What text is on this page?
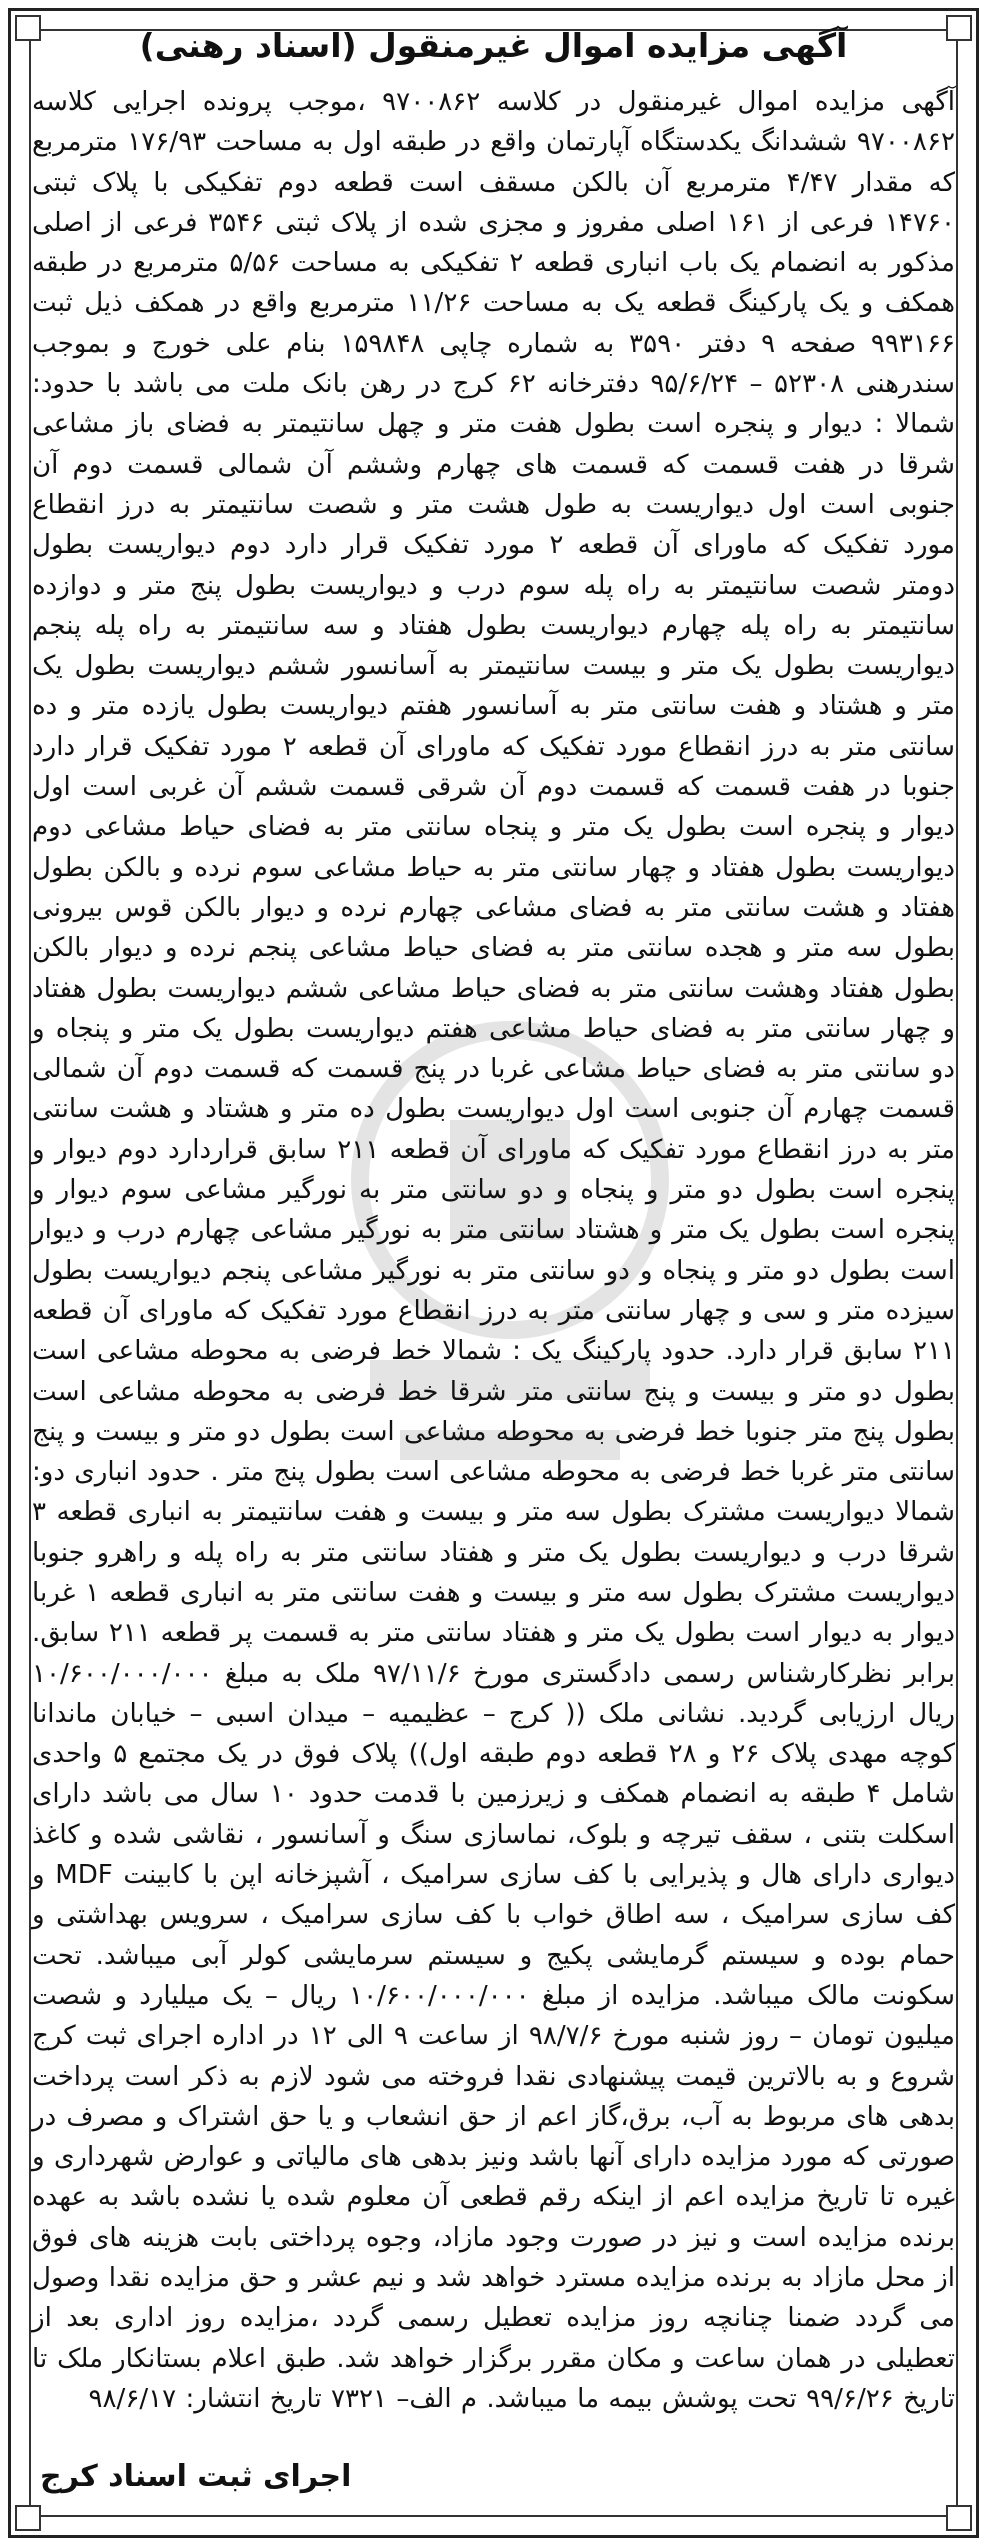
آگهی مزایده اموال غیرمنقول (اسناد رهنی)
آگهی مزایده اموال غیرمنقول در کلاسه ۹۷۰۰۸۶۲ ،موجب پرونده اجرایی کلاسه ۹۷۰۰۸۶۲ ششدانگ یکدستگاه آپارتمان واقع در طبقه اول به مساحت ۱۷۶/۹۳ مترمربع که مقدار ۴/۴۷ مترمربع آن بالکن مسقف است قطعه دوم تفکیکی با پلاک ثبتی ۱۴۷۶۰ فرعی از ۱۶۱ اصلی مفروز و مجزی شده از پلاک ثبتی ۳۵۴۶ فرعی از اصلی مذکور به انضمام یک باب انباری قطعه ۲ تفکیکی به مساحت ۵/۵۶ مترمربع در طبقه همکف و یک پارکینگ قطعه یک به مساحت ۱۱/۲۶ مترمربع واقع در همکف ذیل ثبت ۹۹۳۱۶۶ صفحه ۹ دفتر ۳۵۹۰ به شماره چاپی ۱۵۹۸۴۸ بنام علی خورج و بموجب سندرهنی ۵۲۳۰۸ – ۹۵/۶/۲۴ دفترخانه ۶۲ کرج در رهن بانک ملت می باشد با حدود: شمالا : دیوار و پنجره است بطول هفت متر و چهل سانتیمتر به فضای باز مشاعی شرقا در هفت قسمت که قسمت های چهارم وششم آن شمالی قسمت دوم آن جنوبی است اول دیواریست به طول هشت متر و شصت سانتیمتر به درز انقطاع مورد تفکیک که ماورای آن قطعه ۲ مورد تفکیک قرار دارد دوم دیواریست بطول دومتر شصت سانتیمتر به راه پله سوم درب و دیواریست بطول پنج متر و دوازده سانتیمتر به راه پله چهارم دیواریست بطول هفتاد و سه سانتیمتر به راه پله پنجم دیواریست بطول یک متر و بیست سانتیمتر به آسانسور ششم دیواریست بطول یک متر و هشتاد و هفت سانتی متر به آسانسور هفتم دیواریست بطول یازده متر و ده سانتی متر به درز انقطاع مورد تفکیک که ماورای آن قطعه ۲ مورد تفکیک قرار دارد جنوبا در هفت قسمت که قسمت دوم آن شرقی قسمت ششم آن غربی است اول دیوار و پنجره است بطول یک متر و پنجاه سانتی متر به فضای حیاط مشاعی دوم دیواریست بطول هفتاد و چهار سانتی متر به حیاط مشاعی سوم نرده و بالکن بطول هفتاد و هشت سانتی متر به فضای مشاعی چهارم نرده و دیوار بالکن قوس بیرونی بطول سه متر و هجده سانتی متر به فضای حیاط مشاعی پنجم نرده و دیوار بالکن بطول هفتاد وهشت سانتی متر به فضای حیاط مشاعی ششم دیواریست بطول هفتاد و چهار سانتی متر به فضای حیاط مشاعی هفتم دیواریست بطول یک متر و پنجاه و دو سانتی متر به فضای حیاط مشاعی غربا در پنج قسمت که قسمت دوم آن شمالی قسمت چهارم آن جنوبی است اول دیواریست بطول ده متر و هشتاد و هشت سانتی متر به درز انقطاع مورد تفکیک که ماورای آن قطعه ۲۱۱ سابق قراردارد دوم دیوار و پنجره است بطول دو متر و پنجاه و دو سانتی متر به نورگیر مشاعی سوم دیوار و پنجره است بطول یک متر و هشتاد سانتی متر به نورگیر مشاعی چهارم درب و دیوار است بطول دو متر و پنجاه و دو سانتی متر به نورگیر مشاعی پنجم دیواریست بطول سیزده متر و سی و چهار سانتی متر به درز انقطاع مورد تفکیک که ماورای آن قطعه ۲۱۱ سابق قرار دارد. حدود پارکینگ یک : شمالا خط فرضی به محوطه مشاعی است بطول دو متر و بیست و پنج سانتی متر شرقا خط فرضی به محوطه مشاعی است بطول پنج متر جنوبا خط فرضی به محوطه مشاعی است بطول دو متر و بیست و پنج سانتی متر غربا خط فرضی به محوطه مشاعی است بطول پنج متر . حدود انباری دو: شمالا دیواریست مشترک بطول سه متر و بیست و هفت سانتیمتر به انباری قطعه ۳ شرقا درب و دیواریست بطول یک متر و هفتاد سانتی متر به راه پله و راهرو جنوبا دیواریست مشترک بطول سه متر و بیست و هفت سانتی متر به انباری قطعه ۱ غربا دیوار به دیوار است بطول یک متر و هفتاد سانتی متر به قسمت پر قطعه ۲۱۱ سابق. برابر نظرکارشناس رسمی دادگستری مورخ ۹۷/۱۱/۶ ملک به مبلغ ۱۰/۶۰۰/۰۰۰/۰۰۰ ریال ارزیابی گردید. نشانی ملک (( کرج – عظیمیه – میدان اسبی – خیابان ماندانا کوچه مهدی پلاک ۲۶ و ۲۸ قطعه دوم طبقه اول)) پلاک فوق در یک مجتمع ۵ واحدی شامل ۴ طبقه به انضمام همکف و زیرزمین با قدمت حدود ۱۰ سال می باشد دارای اسکلت بتنی ، سقف تیرچه و بلوک، نماسازی سنگ و آسانسور ، نقاشی شده و کاغذ دیواری دارای هال و پذیرایی با کف سازی سرامیک ، آشپزخانه اپن با کابینت MDF و کف سازی سرامیک ، سه اطاق خواب با کف سازی سرامیک ، سرویس بهداشتی و حمام بوده و سیستم گرمایشی پکیج و سیستم سرمایشی کولر آبی میباشد. تحت سکونت مالک میباشد. مزایده از مبلغ ۱۰/۶۰۰/۰۰۰/۰۰۰ ریال – یک میلیارد و شصت میلیون تومان – روز شنبه مورخ ۹۸/۷/۶ از ساعت ۹ الی ۱۲ در اداره اجرای ثبت کرج شروع و به بالاترین قیمت پیشنهادی نقدا فروخته می شود لازم به ذکر است پرداخت بدهی های مربوط به آب، برق،گاز اعم از حق انشعاب و یا حق اشتراک و مصرف در صورتی که مورد مزایده دارای آنها باشد ونیز بدهی های مالیاتی و عوارض شهرداری و غیره تا تاریخ مزایده اعم از اینکه رقم قطعی آن معلوم شده یا نشده باشد به عهده برنده مزایده است و نیز در صورت وجود مازاد، وجوه پرداختی بابت هزینه های فوق از محل مازاد به برنده مزایده مسترد خواهد شد و نیم عشر و حق مزایده نقدا وصول می گردد ضمنا چنانچه روز مزایده تعطیل رسمی گردد ،مزایده روز اداری بعد از تعطیلی در همان ساعت و مکان مقرر برگزار خواهد شد. طبق اعلام بستانکار ملک تا تاریخ ۹۹/۶/۲۶ تحت پوشش بیمه ما میباشد. م الف– ۷۳۲۱ تاریخ انتشار: ۹۸/۶/۱۷
اجرای ثبت اسناد کرج
